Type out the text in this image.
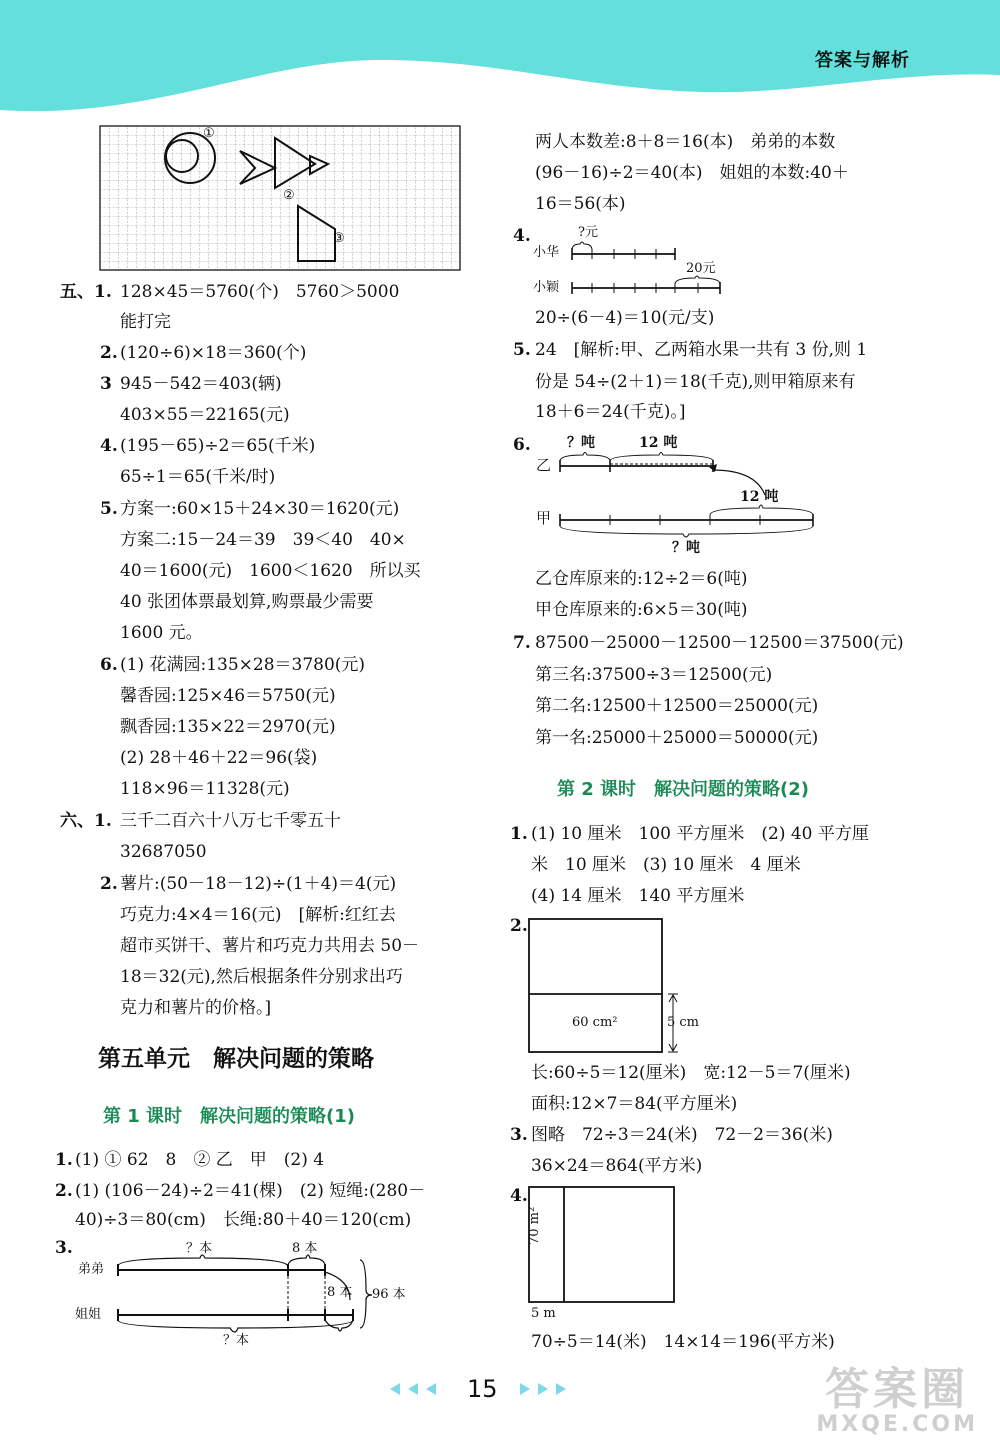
答案与解析
①
②
③
五、1. 128×45＝5760(个)　5760＞5000
能打完
2. (120÷6)×18＝360(个)
3 945－542＝403(辆)
403×55＝22165(元)
4. (195－65)÷2＝65(千米)
65÷1＝65(千米/时)
5. 方案一:60×15＋24×30＝1620(元)
方案二:15－24＝39　39＜40　40×
40＝1600(元)　1600＜1620　所以买
40 张团体票最划算,购票最少需要
1600 元。
6. (1) 花满园:135×28＝3780(元)
馨香园:125×46＝5750(元)
飘香园:135×22＝2970(元)
(2) 28＋46＋22＝96(袋)
118×96＝11328(元)
六、1. 三千二百六十八万七千零五十
32687050
2. 薯片:(50－18－12)÷(1＋4)＝4(元)
巧克力:4×4＝16(元)　[解析:红红去
超市买饼干、薯片和巧克力共用去 50－
18＝32(元),然后根据条件分别求出巧
克力和薯片的价格。]
第五单元　解决问题的策略
第 1 课时　解决问题的策略(1)
1. (1) ① 62　8　② 乙　甲　(2) 4
2. (1) (106－24)÷2＝41(棵)　(2) 短绳:(280－
40)÷3＝80(cm)　长绳:80＋40＝120(cm)
3.
弟弟
姐姐
？本	8 本
8 本 96 本
？本
两人本数差:8＋8＝16(本)　弟弟的本数
(96－16)÷2＝40(本)　姐姐的本数:40＋
16＝56(本)
4.	?元
小华
20元
小颖
20÷(6－4)＝10(元/支)
5. 24　[解析:甲、乙两箱水果一共有 3 份,则 1
份是 54÷(2＋1)＝18(千克),则甲箱原来有
18＋6＝24(千克)。]
6.	？吨	12 吨
乙
12 吨
甲
？吨
乙仓库原来的:12÷2＝6(吨)
甲仓库原来的:6×5＝30(吨)
7. 87500－25000－12500－12500＝37500(元)
第三名:37500÷3＝12500(元)
第二名:12500＋12500＝25000(元)
第一名:25000＋25000＝50000(元)
第 2 课时　解决问题的策略(2)
1. (1) 10 厘米　100 平方厘米　(2) 40 平方厘
米　10 厘米　(3) 10 厘米　4 厘米
(4) 14 厘米　140 平方厘米
2.
60 cm²	5 cm
长:60÷5＝12(厘米)　宽:12－5＝7(厘米)
面积:12×7＝84(平方厘米)
3. 图略　72÷3＝24(米)　72－2＝36(米)
36×24＝864(平方米)
4.
70 m²
5 m
70÷5＝14(米)　14×14＝196(平方米)
15	答案圈
MXQE.COM
